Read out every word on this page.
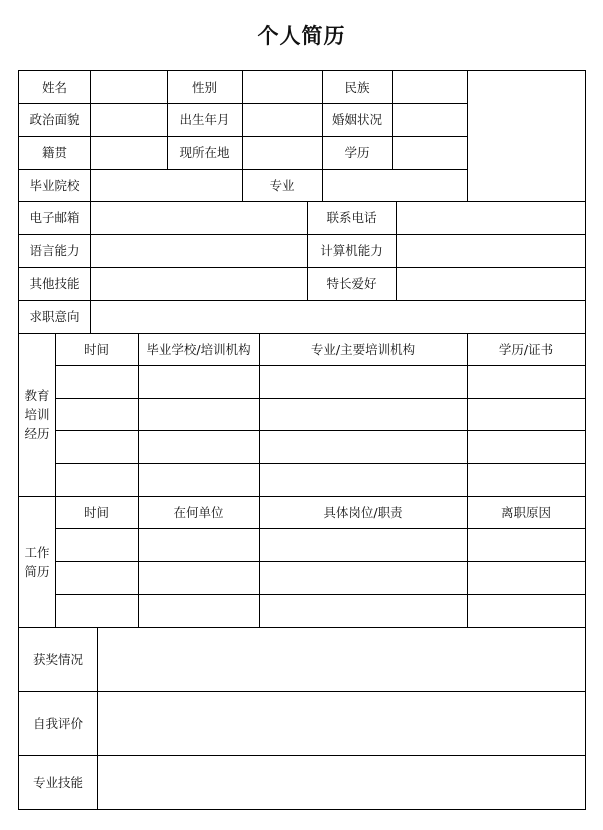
个人简历
姓名	性别	民族
政治面貌	出生年月	婚姻状况
籍贯	现所在地	学历
毕业院校	专业
电子邮箱	联系电话
语言能力	计算机能力
其他技能	特长爱好
求职意向
教育
培训
经历
时间	毕业学校/培训机构	专业/主要培训机构	学历/证书
工作
简历
时间	在何单位	具体岗位/职责	离职原因
获奖情况
自我评价
专业技能
